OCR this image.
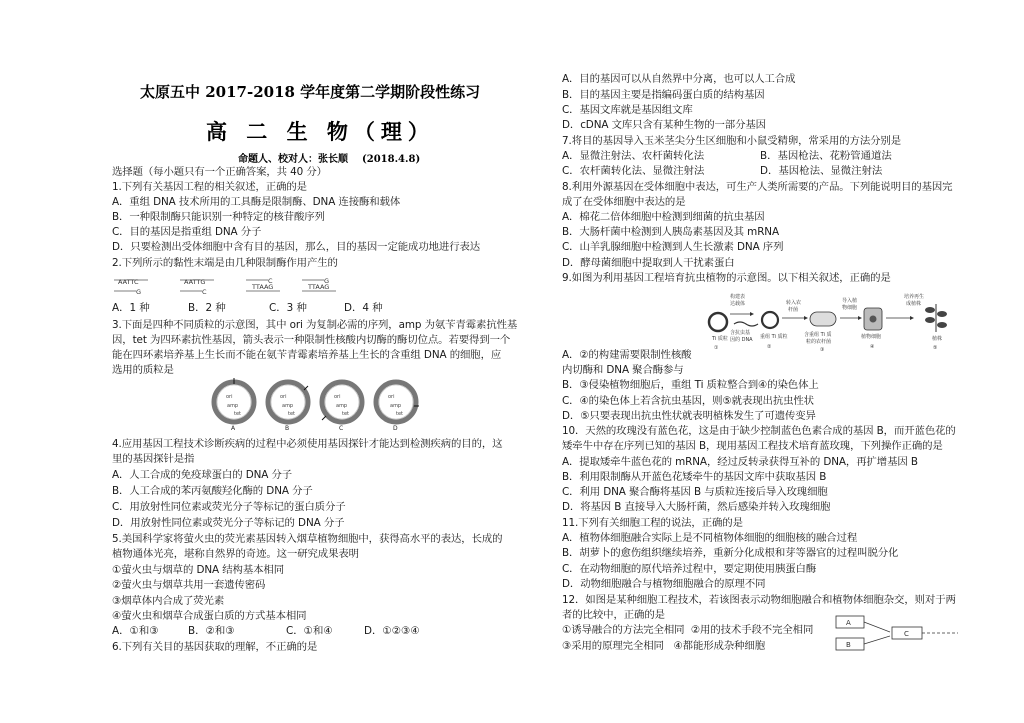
太原五中 2017-2018 学年度第二学期阶段性练习
高 二 生 物（理）
命题人、校对人：张长顺 (2018.4.8)
选择题（每小题只有一个正确答案，共 40 分）
1.下列有关基因工程的相关叙述，正确的是
A．重组 DNA 技术所用的工具酶是限制酶、DNA 连接酶和载体
B．一种限制酶只能识别一种特定的核苷酸序列
C．目的基因是指重组 DNA 分子
D．只要检测出受体细胞中含有目的基因，那么，目的基因一定能成功地进行表达
2.下列所示的黏性末端是由几种限制酶作用产生的
AATTC
G
AATTG
C
TTAAG
C
TTAAG
G
A．1 种	B．2 种	C．3 种	D．4 种
3.下面是四种不同质粒的示意图，其中 ori 为复制必需的序列，amp 为氨苄青霉素抗性基
因，tet 为四环素抗性基因，箭头表示一种限制性核酸内切酶的酶切位点。若要得到一个
能在四环素培养基上生长而不能在氨苄青霉素培养基上生长的含重组 DNA 的细胞，应
选用的质粒是
ori
amp
tet
A
ori
amp
tet
B
ori
amp
tet
C
ori
amp
tet
D
4.应用基因工程技术诊断疾病的过程中必须使用基因探针才能达到检测疾病的目的，这
里的基因探针是指
A．人工合成的免疫球蛋白的 DNA 分子
B．人工合成的苯丙氨酸羟化酶的 DNA 分子
C．用放射性同位素或荧光分子等标记的蛋白质分子
D．用放射性同位素或荧光分子等标记的 DNA 分子
5.美国科学家将萤火虫的荧光素基因转入烟草植物细胞中，获得高水平的表达，长成的
植物通体光亮，堪称自然界的奇迹。这一研究成果表明
①萤火虫与烟草的 DNA 结构基本相同
②萤火虫与烟草共用一套遗传密码
③烟草体内合成了荧光素
④萤火虫和烟草合成蛋白质的方式基本相同
A．①和③	B．②和③	C．①和④	D．①②③④
6.下列有关目的基因获取的理解，不正确的是
A．目的基因可以从自然界中分离，也可以人工合成
B．目的基因主要是指编码蛋白质的结构基因
C．基因文库就是基因组文库
D．cDNA 文库只含有某种生物的一部分基因
7.将目的基因导入玉米茎尖分生区细胞和小鼠受精卵，常采用的方法分别是
A．显微注射法、农杆菌转化法	B．基因枪法、花粉管通道法
C．农杆菌转化法、显微注射法	D．基因枪法、显微注射法
8.利用外源基因在受体细胞中表达，可生产人类所需要的产品。下列能说明目的基因完
成了在受体细胞中表达的是
A．棉花二倍体细胞中检测到细菌的抗虫基因
B．大肠杆菌中检测到人胰岛素基因及其 mRNA
C．山羊乳腺细胞中检测到人生长激素 DNA 序列
D．酵母菌细胞中提取到人干扰素蛋白
9.如图为利用基因工程培育抗虫植物的示意图。以下相关叙述，正确的是
Ti 质粒
①
构建表
达载体
含抗虫基
因的 DNA 重组 Ti 质粒
②
转入农
杆菌
含重组 Ti 质
粒的农杆菌
③
导入植
物细胞
植物细胞
④
培养再生
成植株
植株
⑤
A．②的构建需要限制性核酸
内切酶和 DNA 聚合酶参与
B．③侵染植物细胞后，重组 Ti 质粒整合到④的染色体上
C．④的染色体上若含抗虫基因，则⑤就表现出抗虫性状
D．⑤只要表现出抗虫性状就表明植株发生了可遗传变异
10．天然的玫瑰没有蓝色花，这是由于缺少控制蓝色色素合成的基因 B，而开蓝色花的
矮牵牛中存在序列已知的基因 B，现用基因工程技术培育蓝玫瑰，下列操作正确的是
A．提取矮牵牛蓝色花的 mRNA，经过反转录获得互补的 DNA，再扩增基因 B
B．利用限制酶从开蓝色花矮牵牛的基因文库中获取基因 B
C．利用 DNA 聚合酶将基因 B 与质粒连接后导入玫瑰细胞
D．将基因 B 直接导入大肠杆菌，然后感染并转入玫瑰细胞
11.下列有关细胞工程的说法，正确的是
A．植物体细胞融合实际上是不同植物体细胞的细胞核的融合过程
B．胡萝卜的愈伤组织继续培养，重新分化成根和芽等器官的过程叫脱分化
C．在动物细胞的原代培养过程中，要定期使用胰蛋白酶
D．动物细胞融合与植物细胞融合的原理不同
12．如图是某种细胞工程技术，若该图表示动物细胞融合和植物体细胞杂交，则对于两
者的比较中，正确的是
①诱导融合的方法完全相同 ②用的技术手段不完全相同
③采用的原理完全相同 ④都能形成杂种细胞
A
B
C
